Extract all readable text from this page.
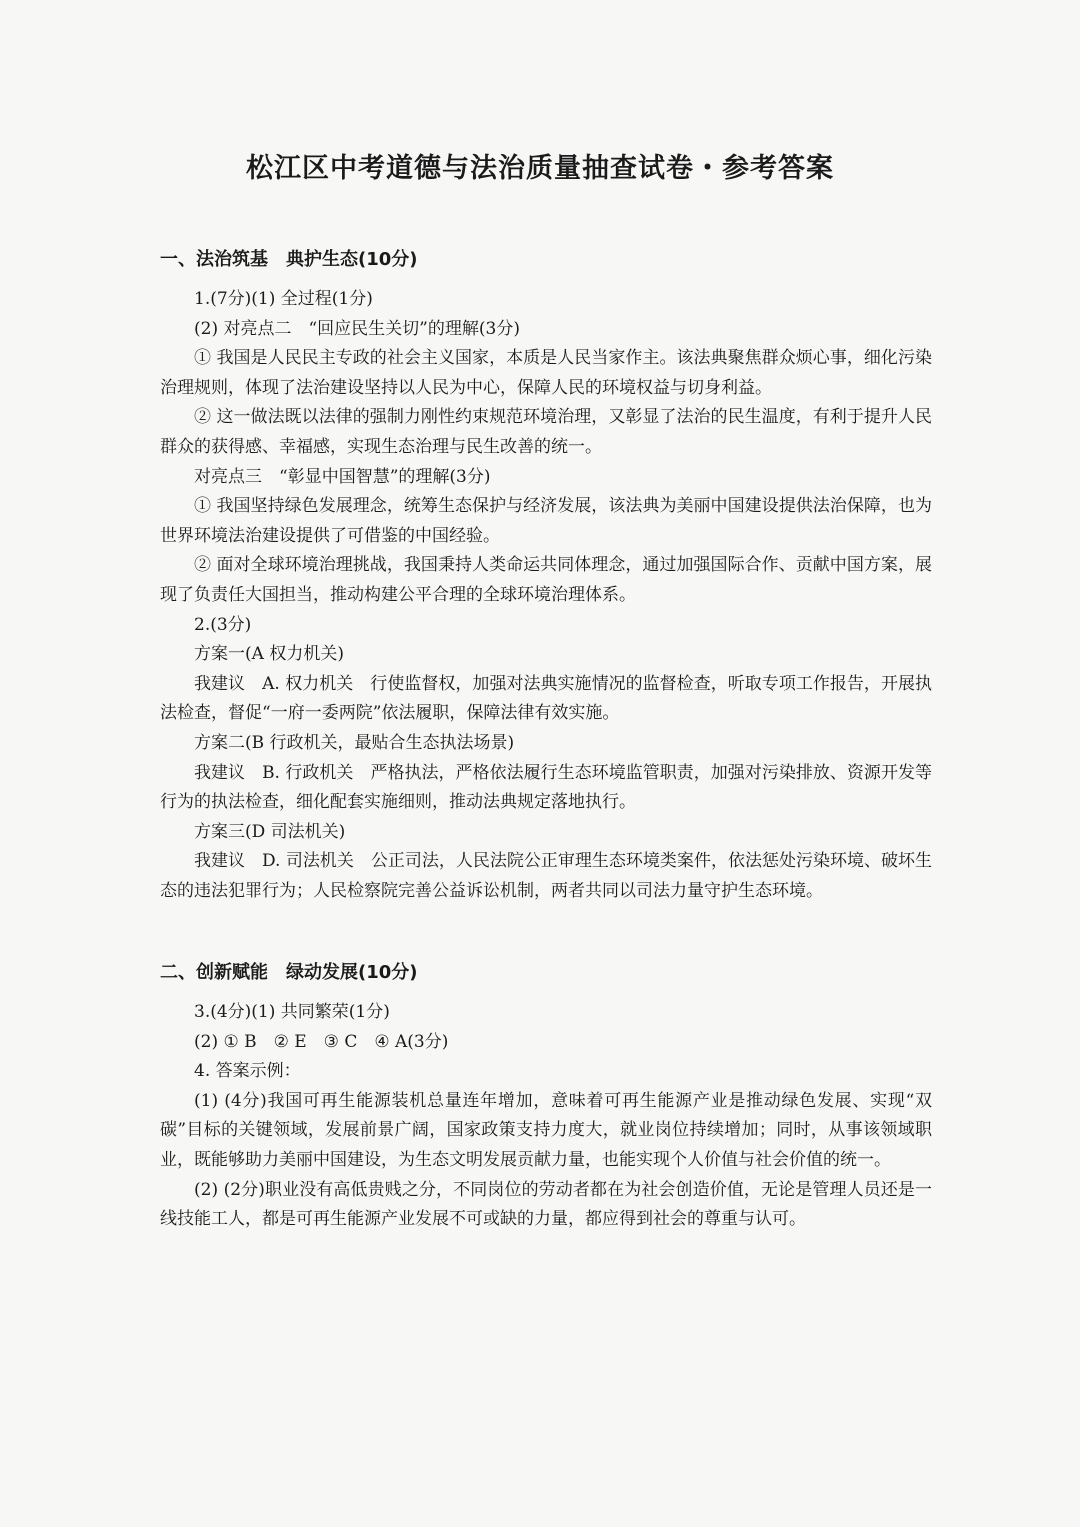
松江区中考道德与法治质量抽查试卷・参考答案
一、法治筑基　典护生态(10分)

1.(7分)(1) 全过程(1分)

(2) 对亮点二　“回应民生关切”的理解(3分)

① 我国是人民民主专政的社会主义国家，本质是人民当家作主。该法典聚焦群众烦心事，细化污染治理规则，体现了法治建设坚持以人民为中心，保障人民的环境权益与切身利益。

② 这一做法既以法律的强制力刚性约束规范环境治理，又彰显了法治的民生温度，有利于提升人民群众的获得感、幸福感，实现生态治理与民生改善的统一。

对亮点三　“彰显中国智慧”的理解(3分)

① 我国坚持绿色发展理念，统筹生态保护与经济发展，该法典为美丽中国建设提供法治保障，也为世界环境法治建设提供了可借鉴的中国经验。

② 面对全球环境治理挑战，我国秉持人类命运共同体理念，通过加强国际合作、贡献中国方案，展现了负责任大国担当，推动构建公平合理的全球环境治理体系。

2.(3分)

方案一(A 权力机关)

我建议　A. 权力机关　行使监督权，加强对法典实施情况的监督检查，听取专项工作报告，开展执法检查，督促“一府一委两院”依法履职，保障法律有效实施。

方案二(B 行政机关，最贴合生态执法场景)

我建议　B. 行政机关　严格执法，严格依法履行生态环境监管职责，加强对污染排放、资源开发等行为的执法检查，细化配套实施细则，推动法典规定落地执行。

方案三(D 司法机关)

我建议　D. 司法机关　公正司法，人民法院公正审理生态环境类案件，依法惩处污染环境、破坏生态的违法犯罪行为；人民检察院完善公益诉讼机制，两者共同以司法力量守护生态环境。

二、创新赋能　绿动发展(10分)

3.(4分)(1) 共同繁荣(1分)

(2) ① B　② E　③ C　④ A(3分)

4. 答案示例：

(1) (4分)我国可再生能源装机总量连年增加，意味着可再生能源产业是推动绿色发展、实现“双碳”目标的关键领域，发展前景广阔，国家政策支持力度大，就业岗位持续增加；同时，从事该领域职业，既能够助力美丽中国建设，为生态文明发展贡献力量，也能实现个人价值与社会价值的统一。

(2) (2分)职业没有高低贵贱之分，不同岗位的劳动者都在为社会创造价值，无论是管理人员还是一线技能工人，都是可再生能源产业发展不可或缺的力量，都应得到社会的尊重与认可。
